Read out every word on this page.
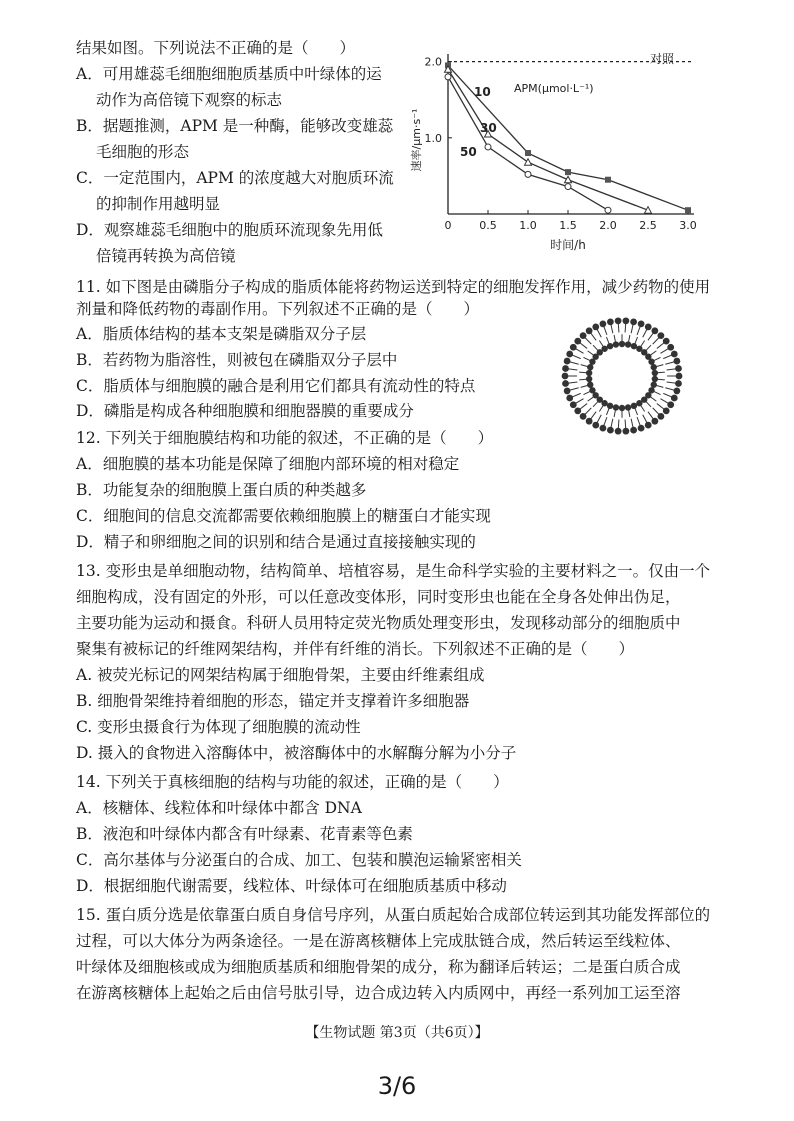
结果如图。下列说法不正确的是（　　）
A．可用雄蕊毛细胞细胞质基质中叶绿体的运
动作为高倍镜下观察的标志
B．据题推测，APM 是一种酶，能够改变雄蕊
毛细胞的形态
C．一定范围内，APM 的浓度越大对胞质环流
的抑制作用越明显
D．观察雄蕊毛细胞中的胞质环流现象先用低
倍镜再转换为高倍镜
对照
APM(μmol·L⁻¹)
速率/μm·s⁻¹
时间/h
0	0.5 1.0 1.5 2.0 2.5 3.0
1.0
2.0
10
30
50
11. 如下图是由磷脂分子构成的脂质体能将药物运送到特定的细胞发挥作用，减少药物的使用
剂量和降低药物的毒副作用。下列叙述不正确的是（　　）
A．脂质体结构的基本支架是磷脂双分子层
B．若药物为脂溶性，则被包在磷脂双分子层中
C．脂质体与细胞膜的融合是利用它们都具有流动性的特点
D．磷脂是构成各种细胞膜和细胞器膜的重要成分
12. 下列关于细胞膜结构和功能的叙述，不正确的是（　　）
A．细胞膜的基本功能是保障了细胞内部环境的相对稳定
B．功能复杂的细胞膜上蛋白质的种类越多
C．细胞间的信息交流都需要依赖细胞膜上的糖蛋白才能实现
D．精子和卵细胞之间的识别和结合是通过直接接触实现的
13. 变形虫是单细胞动物，结构简单、培植容易，是生命科学实验的主要材料之一。仅由一个
细胞构成，没有固定的外形，可以任意改变体形，同时变形虫也能在全身各处伸出伪足，
主要功能为运动和摄食。科研人员用特定荧光物质处理变形虫，发现移动部分的细胞质中
聚集有被标记的纤维网架结构，并伴有纤维的消长。下列叙述不正确的是（　　）
A. 被荧光标记的网架结构属于细胞骨架，主要由纤维素组成
B. 细胞骨架维持着细胞的形态，锚定并支撑着许多细胞器
C. 变形虫摄食行为体现了细胞膜的流动性
D. 摄入的食物进入溶酶体中，被溶酶体中的水解酶分解为小分子
14. 下列关于真核细胞的结构与功能的叙述，正确的是（　　）
A．核糖体、线粒体和叶绿体中都含 DNA
B．液泡和叶绿体内都含有叶绿素、花青素等色素
C．高尔基体与分泌蛋白的合成、加工、包装和膜泡运输紧密相关
D．根据细胞代谢需要，线粒体、叶绿体可在细胞质基质中移动
15. 蛋白质分选是依靠蛋白质自身信号序列，从蛋白质起始合成部位转运到其功能发挥部位的
过程，可以大体分为两条途径。一是在游离核糖体上完成肽链合成，然后转运至线粒体、
叶绿体及细胞核或成为细胞质基质和细胞骨架的成分，称为翻译后转运；二是蛋白质合成
在游离核糖体上起始之后由信号肽引导，边合成边转入内质网中，再经一系列加工运至溶
【生物试题 第3页（共6页）】
3/6
